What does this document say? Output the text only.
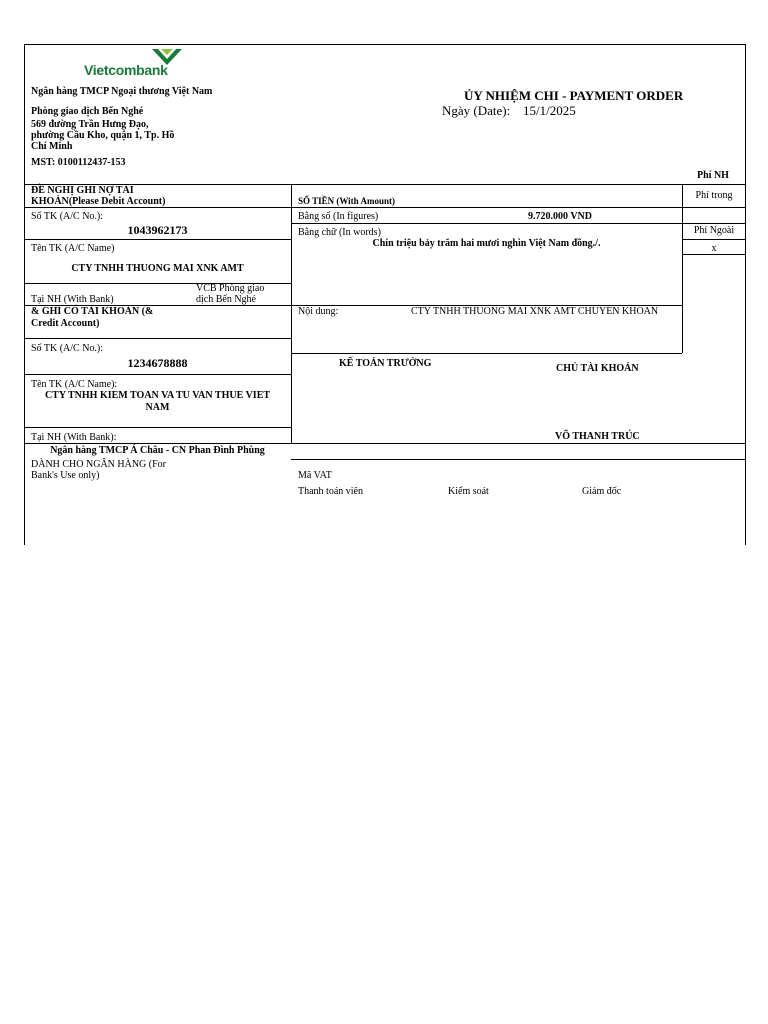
Vietcombank
Ngân hàng TMCP Ngoại thương Việt Nam
Phòng giao dịch Bến Nghé
569 đường Trần Hưng Đạo,
phường Cầu Kho, quận 1, Tp. Hồ
Chí Minh
MST: 0100112437-153
ỦY NHIỆM CHI - PAYMENT ORDER
Ngày (Date): 15/1/2025
Phí NH
ĐỀ NGHỊ GHI NỢ TÀI
KHOẢN(Please Debit Account)
Số TK (A/C No.):
1043962173
Tên TK (A/C Name)
CTY TNHH THUONG MAI XNK AMT
Tại NH (With Bank)
VCB Phòng giao
dịch Bến Nghé
& GHI CÓ TÀI KHOẢN (&
Credit Account)
Số TK (A/C No.):
1234678888
Tên TK (A/C Name):
CTY TNHH KIEM TOAN VA TU VAN THUE VIET
NAM
Tại NH (With Bank):
Ngân hàng TMCP Á Châu - CN Phan Đình Phùng
SỐ TIỀN (With Amount)
Bằng số (In figures)	9.720.000 VND
Bằng chữ (In words)
Chín triệu bảy trăm hai mươi nghìn Việt Nam đồng./.
Phí trong
Phí Ngoài
x
Nội dung:	CTY TNHH THUONG MAI XNK AMT CHUYEN KHOAN
KẾ TOÁN TRƯỞNG	CHỦ TÀI KHOẢN
VÕ THANH TRÚC
DÀNH CHO NGÂN HÀNG (For
Bank's Use only)	Mã VAT
Thanh toán viên	Kiểm soát	Giám đốc
